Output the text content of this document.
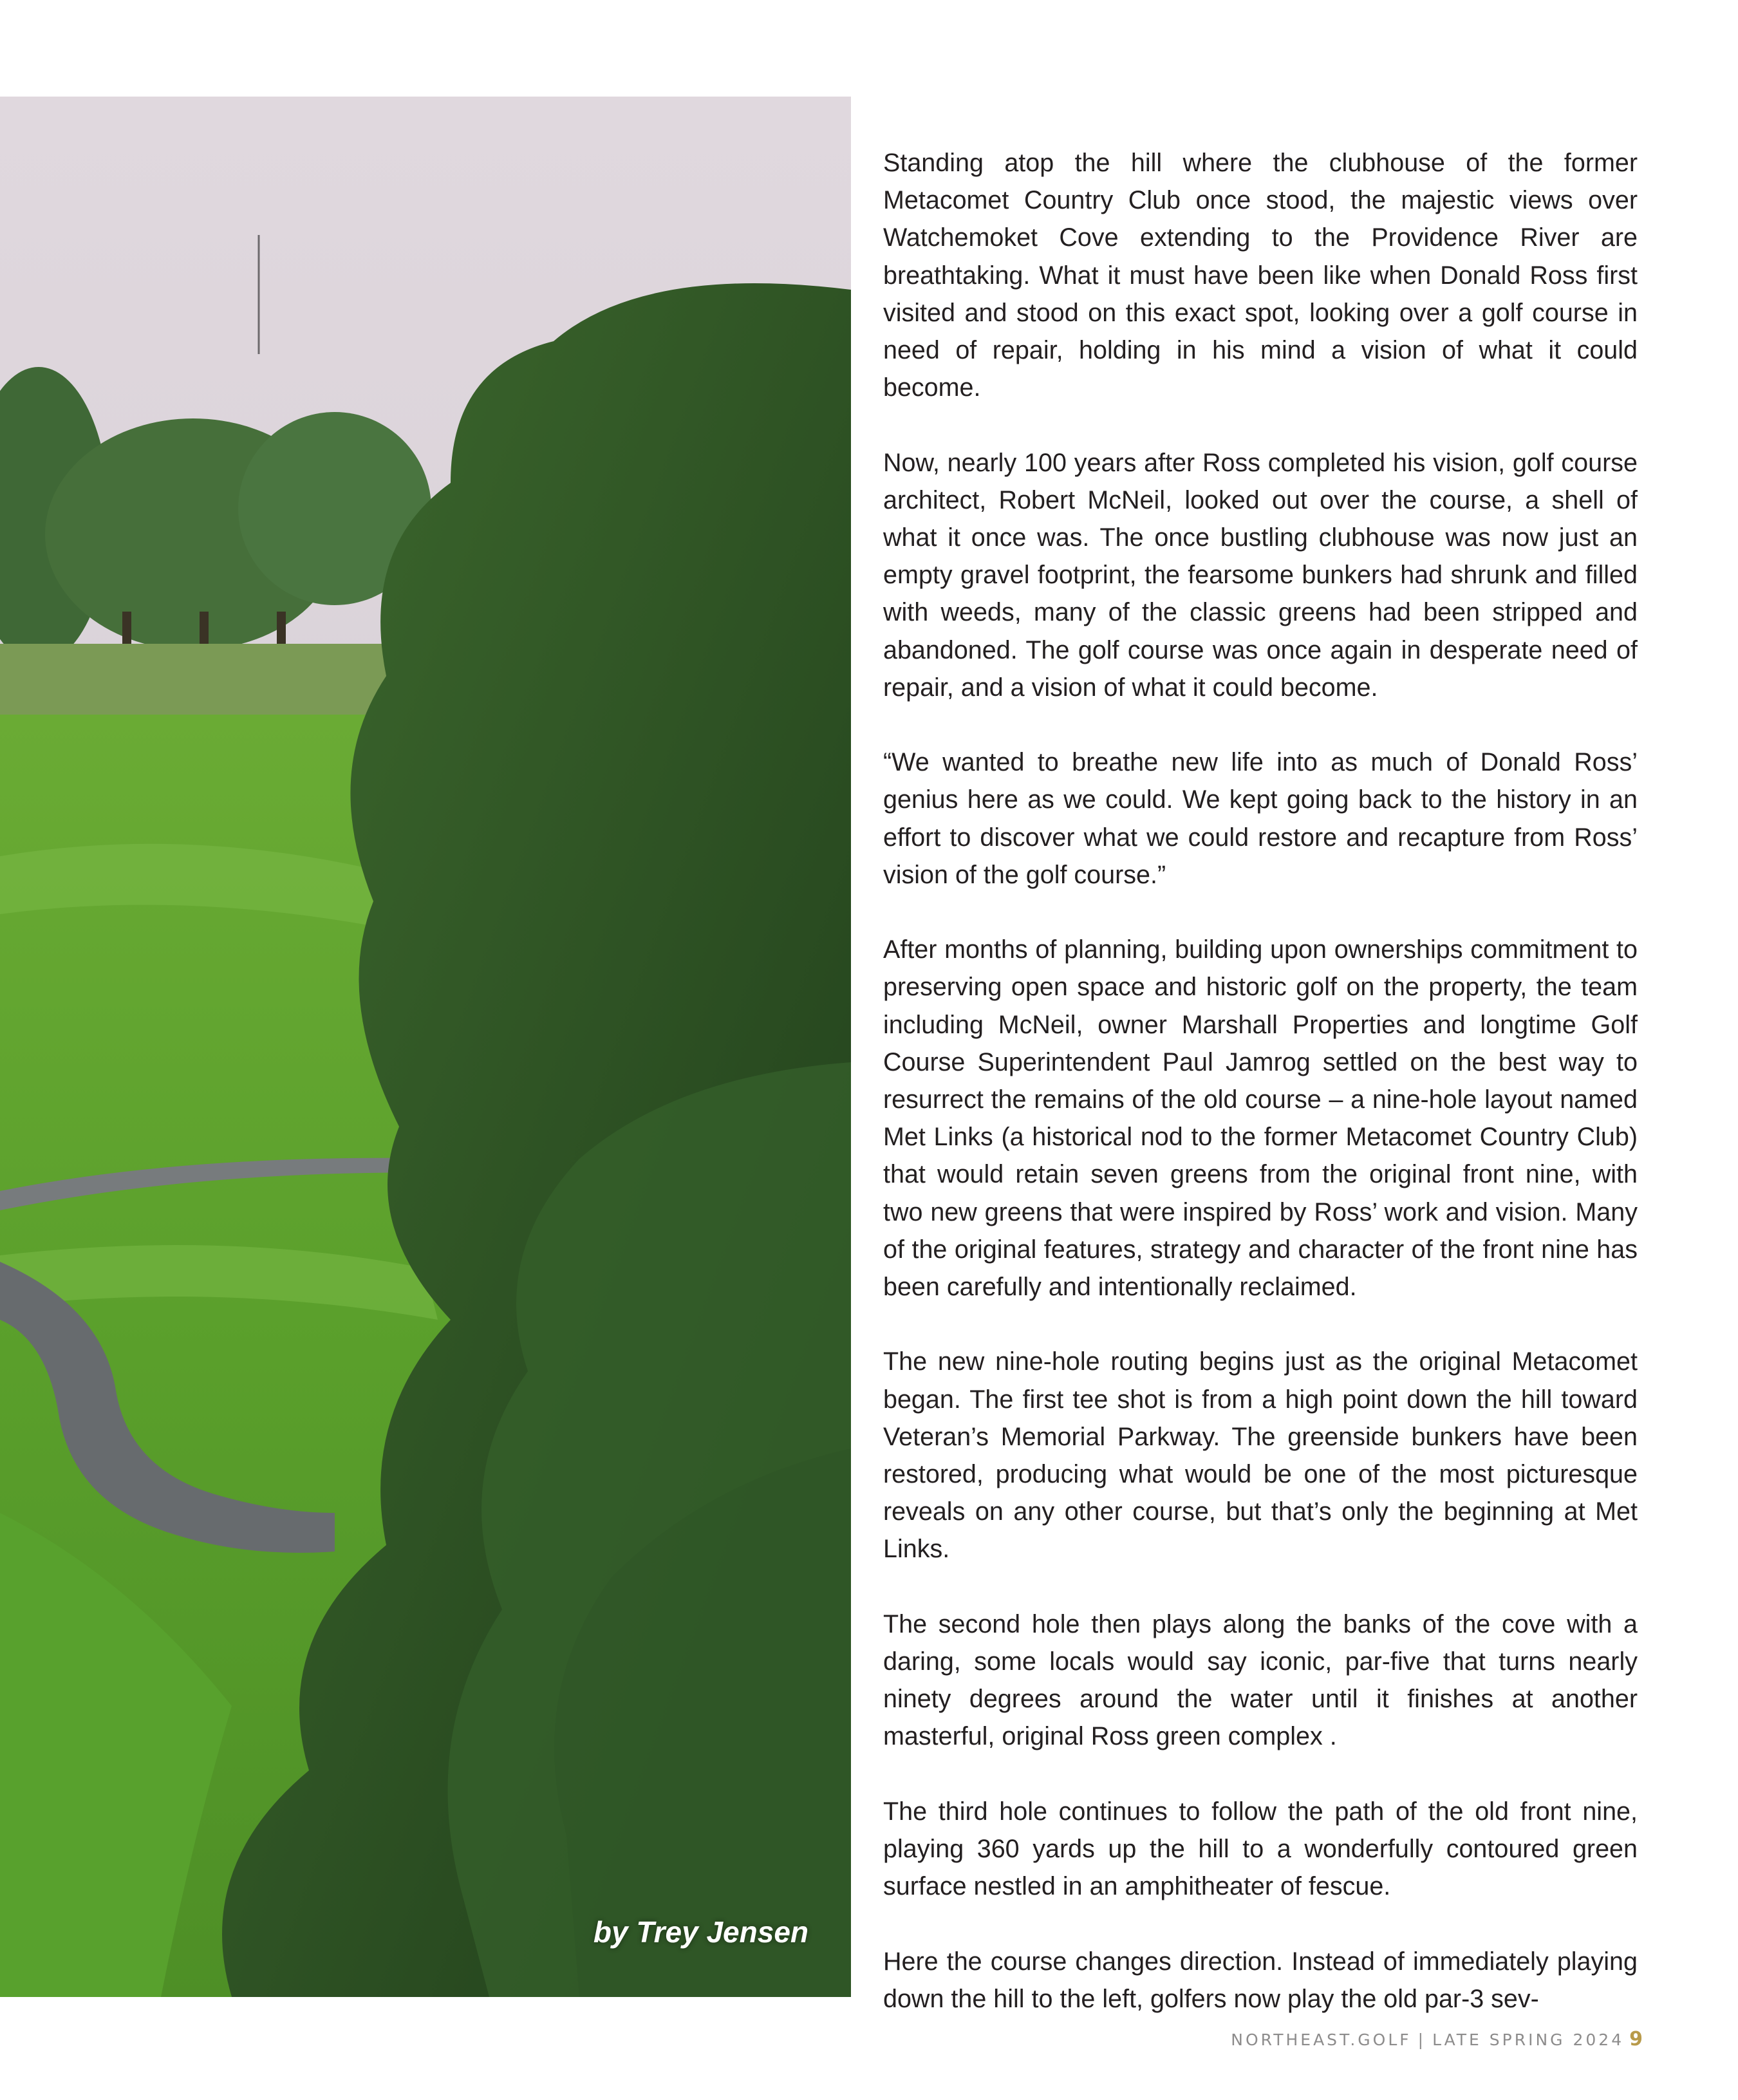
by Trey Jensen

Standing atop the hill where the clubhouse of the former Metacomet Country Club once stood, the majestic views over Watchemoket Cove extending to the Providence River are breathtaking. What it must have been like when Donald Ross first visited and stood on this exact spot, looking over a golf course in need of repair, holding in his mind a vision of what it could become.

Now, nearly 100 years after Ross completed his vision, golf course architect, Robert McNeil, looked out over the course, a shell of what it once was. The once bustling clubhouse was now just an empty gravel footprint, the fearsome bunkers had shrunk and filled with weeds, many of the classic greens had been stripped and abandoned. The golf course was once again in desperate need of repair, and a vision of what it could become.

“We wanted to breathe new life into as much of Donald Ross’ genius here as we could. We kept going back to the history in an effort to discover what we could restore and recapture from Ross’ vision of the golf course.”

After months of planning, building upon ownerships commitment to preserving open space and historic golf on the property, the team including McNeil, owner Marshall Properties and longtime Golf Course Superintendent Paul Jamrog settled on the best way to resurrect the remains of the old course – a nine-hole layout named Met Links (a historical nod to the former Metacomet Country Club) that would retain seven greens from the original front nine, with two new greens that were inspired by Ross’ work and vision. Many of the original features, strategy and character of the front nine has been carefully and intentionally reclaimed.

The new nine-hole routing begins just as the original Metacomet began. The first tee shot is from a high point down the hill toward Veteran’s Memorial Parkway. The greenside bunkers have been restored, producing what would be one of the most picturesque reveals on any other course, but that’s only the beginning at Met Links.

The second hole then plays along the banks of the cove with a daring, some locals would say iconic, par-five that turns nearly ninety degrees around the water until it finishes at another masterful, original Ross green complex .

The third hole continues to follow the path of the old front nine, playing 360 yards up the hill to a wonderfully contoured green surface nestled in an amphitheater of fescue.

Here the course changes direction. Instead of immediately playing down the hill to the left, golfers now play the old par-3 sev-

NORTHEAST.GOLF | LATE SPRING 2024 9
